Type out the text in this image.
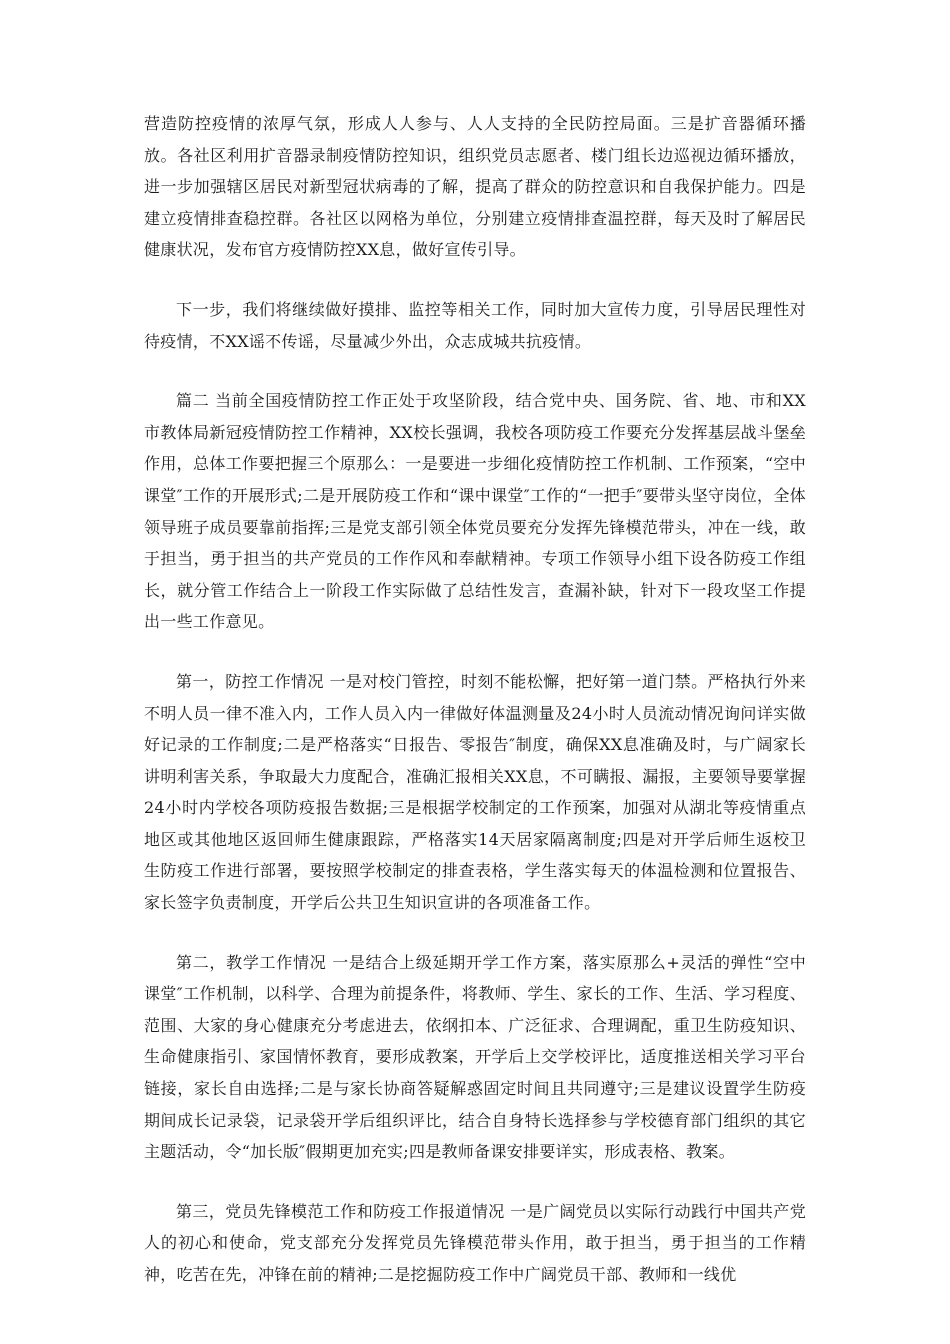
营造防控疫情的浓厚气氛，形成人人参与、人人支持的全民防控局面。三是扩音器循环播放。各社区利用扩音器录制疫情防控知识，组织党员志愿者、楼门组长边巡视边循环播放，进一步加强辖区居民对新型冠状病毒的了解，提高了群众的防控意识和自我保护能力。四是建立疫情排查稳控群。各社区以网格为单位，分别建立疫情排查温控群，每天及时了解居民健康状况，发布官方疫情防控XX息，做好宣传引导。

下一步，我们将继续做好摸排、监控等相关工作，同时加大宣传力度，引导居民理性对待疫情，不XX谣不传谣，尽量减少外出，众志成城共抗疫情。

篇二 当前全国疫情防控工作正处于攻坚阶段，结合党中央、国务院、省、地、市和XX市教体局新冠疫情防控工作精神，XX校长强调，我校各项防疫工作要充分发挥基层战斗堡垒作用，总体工作要把握三个原那么：一是要进一步细化疫情防控工作机制、工作预案，“空中课堂″工作的开展形式;二是开展防疫工作和“课中课堂″工作的“一把手″要带头坚守岗位，全体领导班子成员要靠前指挥;三是党支部引领全体党员要充分发挥先锋模范带头，冲在一线，敢于担当，勇于担当的共产党员的工作作风和奉献精神。专项工作领导小组下设各防疫工作组长，就分管工作结合上一阶段工作实际做了总结性发言，查漏补缺，针对下一段攻坚工作提出一些工作意见。

第一，防控工作情况 一是对校门管控，时刻不能松懈，把好第一道门禁。严格执行外来不明人员一律不准入内，工作人员入内一律做好体温测量及24小时人员流动情况询问详实做好记录的工作制度;二是严格落实“日报告、零报告″制度，确保XX息准确及时，与广阔家长讲明利害关系，争取最大力度配合，准确汇报相关XX息，不可瞒报、漏报，主要领导要掌握24小时内学校各项防疫报告数据;三是根据学校制定的工作预案，加强对从湖北等疫情重点地区或其他地区返回师生健康跟踪，严格落实14天居家隔离制度;四是对开学后师生返校卫生防疫工作进行部署，要按照学校制定的排查表格，学生落实每天的体温检测和位置报告、家长签字负责制度，开学后公共卫生知识宣讲的各项准备工作。

第二，教学工作情况 一是结合上级延期开学工作方案，落实原那么+灵活的弹性“空中课堂″工作机制，以科学、合理为前提条件，将教师、学生、家长的工作、生活、学习程度、范围、大家的身心健康充分考虑进去，依纲扣本、广泛征求、合理调配，重卫生防疫知识、生命健康指引、家国情怀教育，要形成教案，开学后上交学校评比，适度推送相关学习平台链接，家长自由选择;二是与家长协商答疑解惑固定时间且共同遵守;三是建议设置学生防疫期间成长记录袋，记录袋开学后组织评比，结合自身特长选择参与学校德育部门组织的其它主题活动，令“加长版″假期更加充实;四是教师备课安排要详实，形成表格、教案。

第三，党员先锋模范工作和防疫工作报道情况 一是广阔党员以实际行动践行中国共产党人的初心和使命，党支部充分发挥党员先锋模范带头作用，敢于担当，勇于担当的工作精神，吃苦在先，冲锋在前的精神;二是挖掘防疫工作中广阔党员干部、教师和一线优
